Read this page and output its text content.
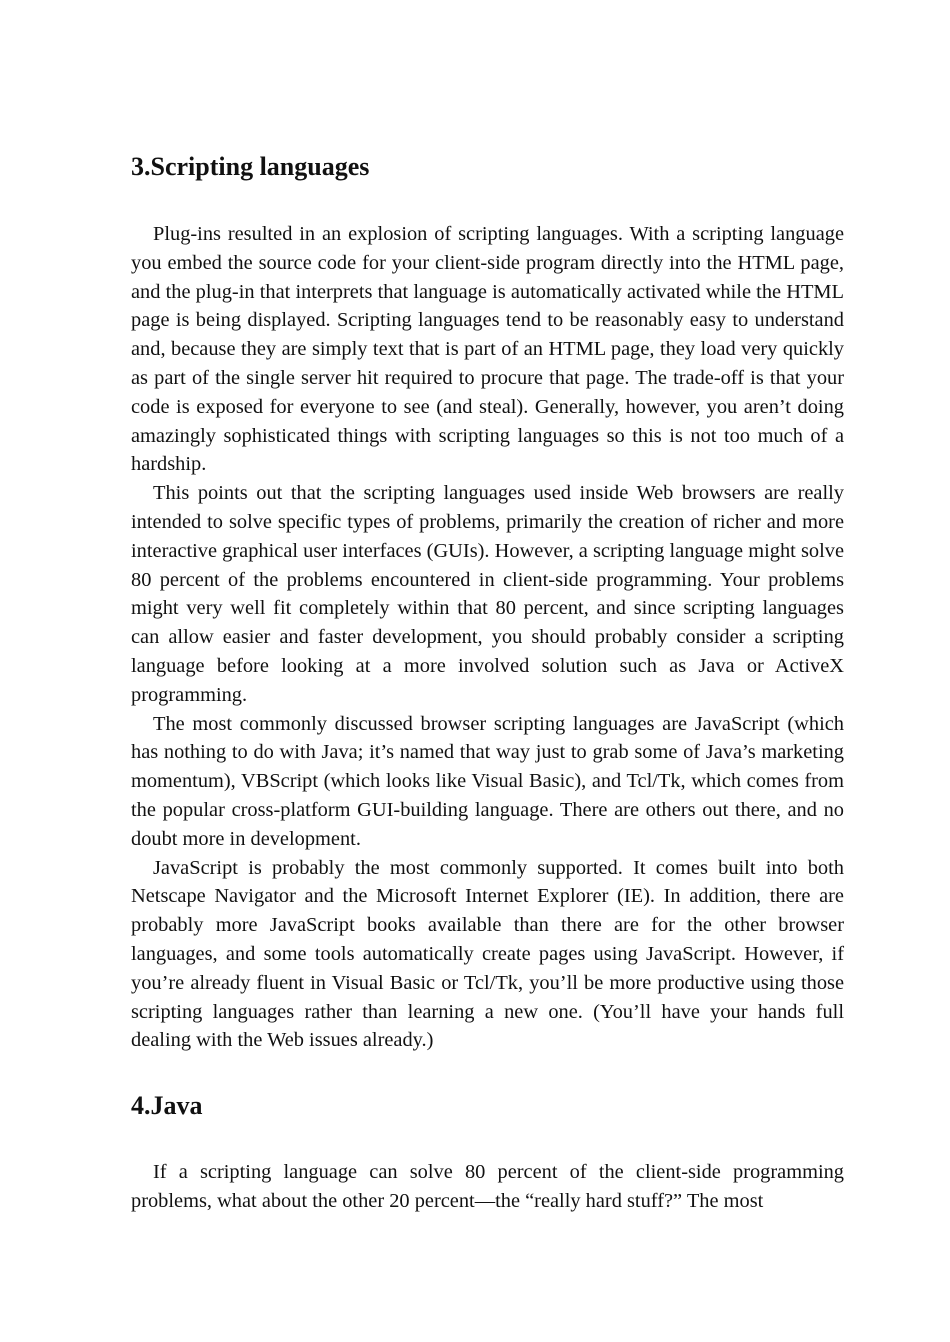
3.Scripting languages

Plug-ins resulted in an explosion of scripting languages. With a scripting language you embed the source code for your client-side program directly into the HTML page, and the plug-in that interprets that language is automatically activated while the HTML page is being displayed. Scripting languages tend to be reasonably easy to understand and, because they are simply text that is part of an HTML page, they load very quickly as part of the single server hit required to procure that page. The trade-off is that your code is exposed for everyone to see (and steal). Generally, however, you aren’t doing amazingly sophisticated things with scripting languages so this is not too much of a hardship.

This points out that the scripting languages used inside Web browsers are really intended to solve specific types of problems, primarily the creation of richer and more interactive graphical user interfaces (GUIs). However, a scripting language might solve 80 percent of the problems encountered in client-side programming. Your problems might very well fit completely within that 80 percent, and since scripting languages can allow easier and faster development, you should probably consider a scripting language before looking at a more involved solution such as Java or ActiveX programming.

The most commonly discussed browser scripting languages are JavaScript (which has nothing to do with Java; it’s named that way just to grab some of Java’s marketing momentum), VBScript (which looks like Visual Basic), and Tcl/Tk, which comes from the popular cross-platform GUI-building language. There are others out there, and no doubt more in development.

JavaScript is probably the most commonly supported. It comes built into both Netscape Navigator and the Microsoft Internet Explorer (IE). In addition, there are probably more JavaScript books available than there are for the other browser languages, and some tools automatically create pages using JavaScript. However, if you’re already fluent in Visual Basic or Tcl/Tk, you’ll be more productive using those scripting languages rather than learning a new one. (You’ll have your hands full dealing with the Web issues already.)

4.Java

If a scripting language can solve 80 percent of the client-side programming problems, what about the other 20 percent—the “really hard stuff?” The most
